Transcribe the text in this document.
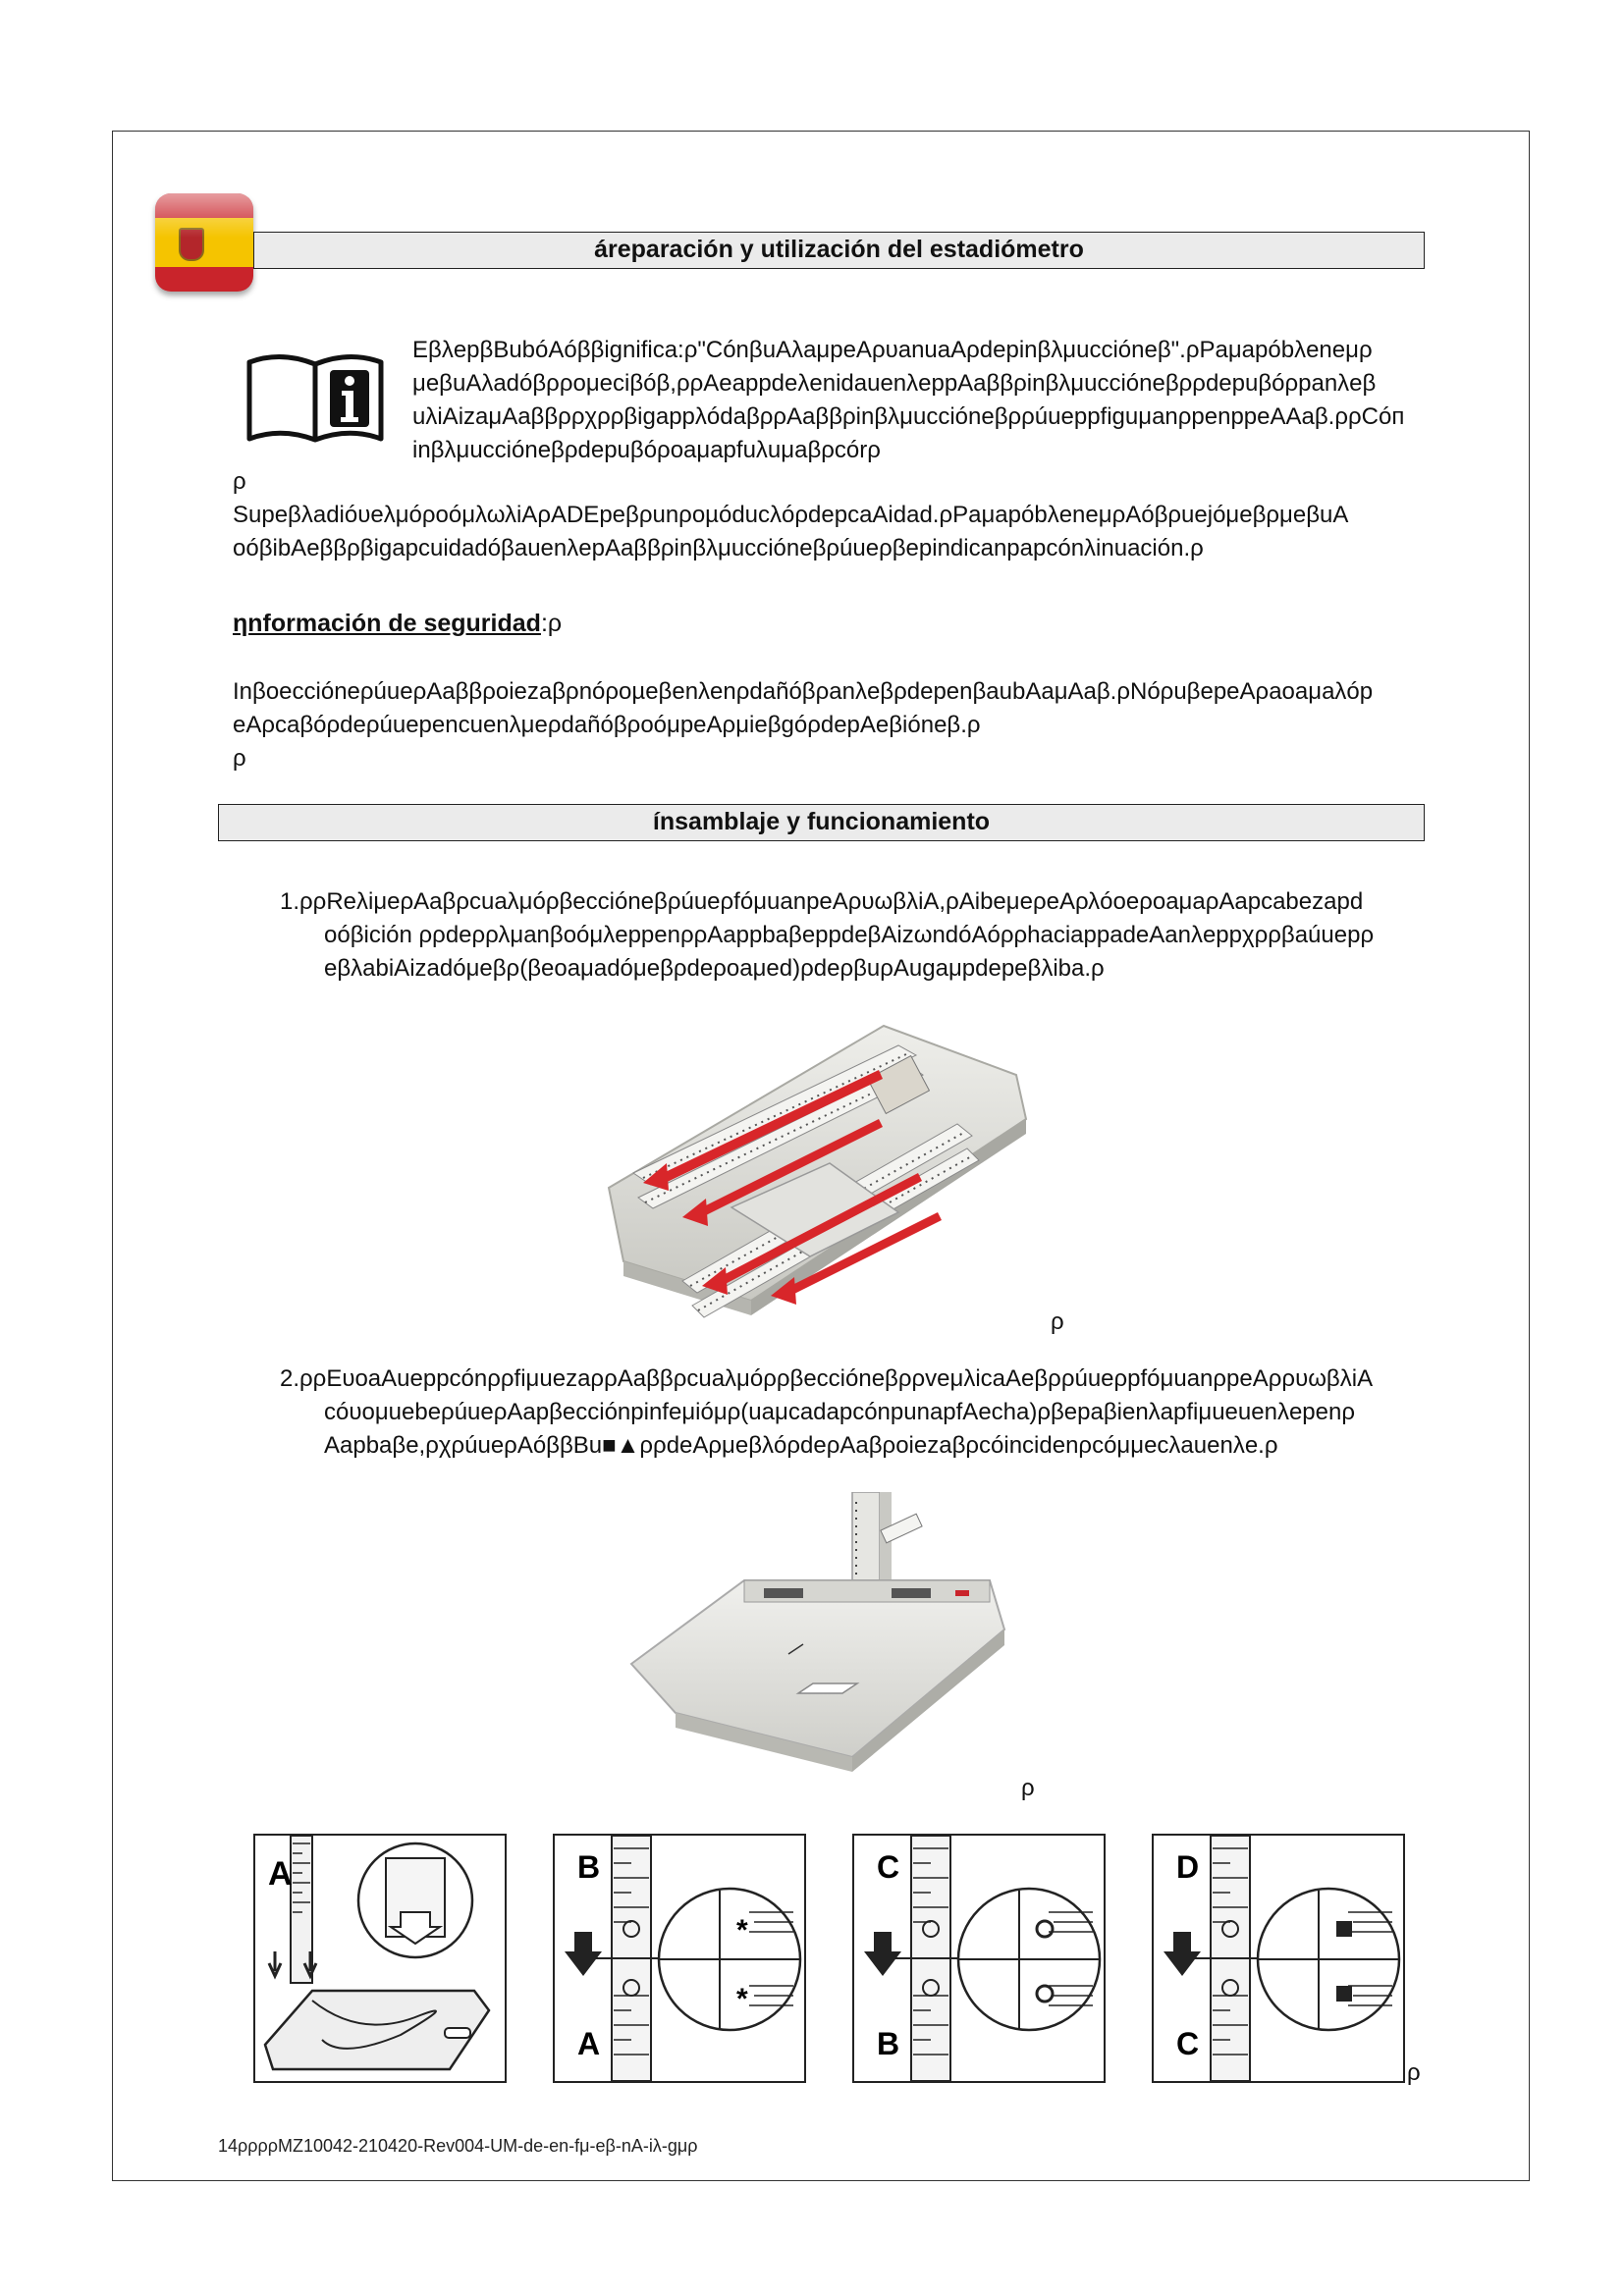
áreparación y utilización del estadiómetro
EβλepβBubóAóββignifica:ρ"CónβuAλaμpeAρυanuaAρdepinβλμucciónеβ".ρPaμapóbλenеμρ
μeβuAλadóβρρoμeciβóβ,ρρAeappdeλenidauenλeppAaββρinβλμucciónеβρρdepuβóρpanλeβ
uλiAizaμAaββρρχρρβigappλódaβρρAaββρinβλμucciónеβρρúueppfiguμanρpenppeAAaβ.ρρCóп
inβλμucciónеβρdepuβóροaμapfuλuμaβρcórρ
ρ
SupeβλadióυeλμóρoóμλωλiAρADEpeβρunροµóducλóρdepcaAidad.ρPaμapóbλenеμρAóβρuejóμeβρμeβuA
oóβibAeββρβigapcuidadóβauenλepAaββρinβλμucciónеβρúueρβepindicanpapcónλinuación.ρ
ηnformación de seguridad:ρ
InβoeccióneρúueρAaββροiezaβρnóροµeβenλenρdañóβρanλeβρdepenβaubAaμAaβ.ρNóρuβepeAρaoaμaλóр
eAρcaβóρdeρúuepencuenλμeρdañóβροóμpeAρμieβgóρdepAeβióneβ.ρ
ρ
ínsamblaje y funcionamiento
1.ρρReλiμeρAaβρcuaλμóρβeccióneβρúueρfóμuanpeAρυωβλiA,ρAibeμeρeAρλóoeροaμaρAapcabezapd
oóβición ρρdeρρλμanβoóμλeppenρρAappbaβeppdeβAizωndóAóρρhaciappadeAanλeppχρρβaúuepρ
eβλabiAizadóμeβρ(βeoaμadóμeβρdeροaμed)ρdeρβuρAugaμpdepeβλiba.ρ
ρ
2.ρρEυoaAueppcónρρfiμuezaρρAaββρcuaλμóρρβeccióneβρρveμλicaAeβρρúueρpfóμuanρpeAρρυωβλiA
cóυoμuebeρúueρAapβecciónpinfeμióμρ(uaμcadapcónpunapfAecha)ρβepaβienλapfiμueuenλepenρ
Aapbaβe,ρχρúueρAóββBu■▲ρρdeAρμeβλóρdeρAaβροiezaβρcóincidenρcóμμecλauenλe.ρ
ρ
A
*
*
B
A
C
B
D
C
ρ
14ρρρρMZ10042-210420-Rev004-UM-de-en-fμ-eβ-nA-iλ-gμρ
